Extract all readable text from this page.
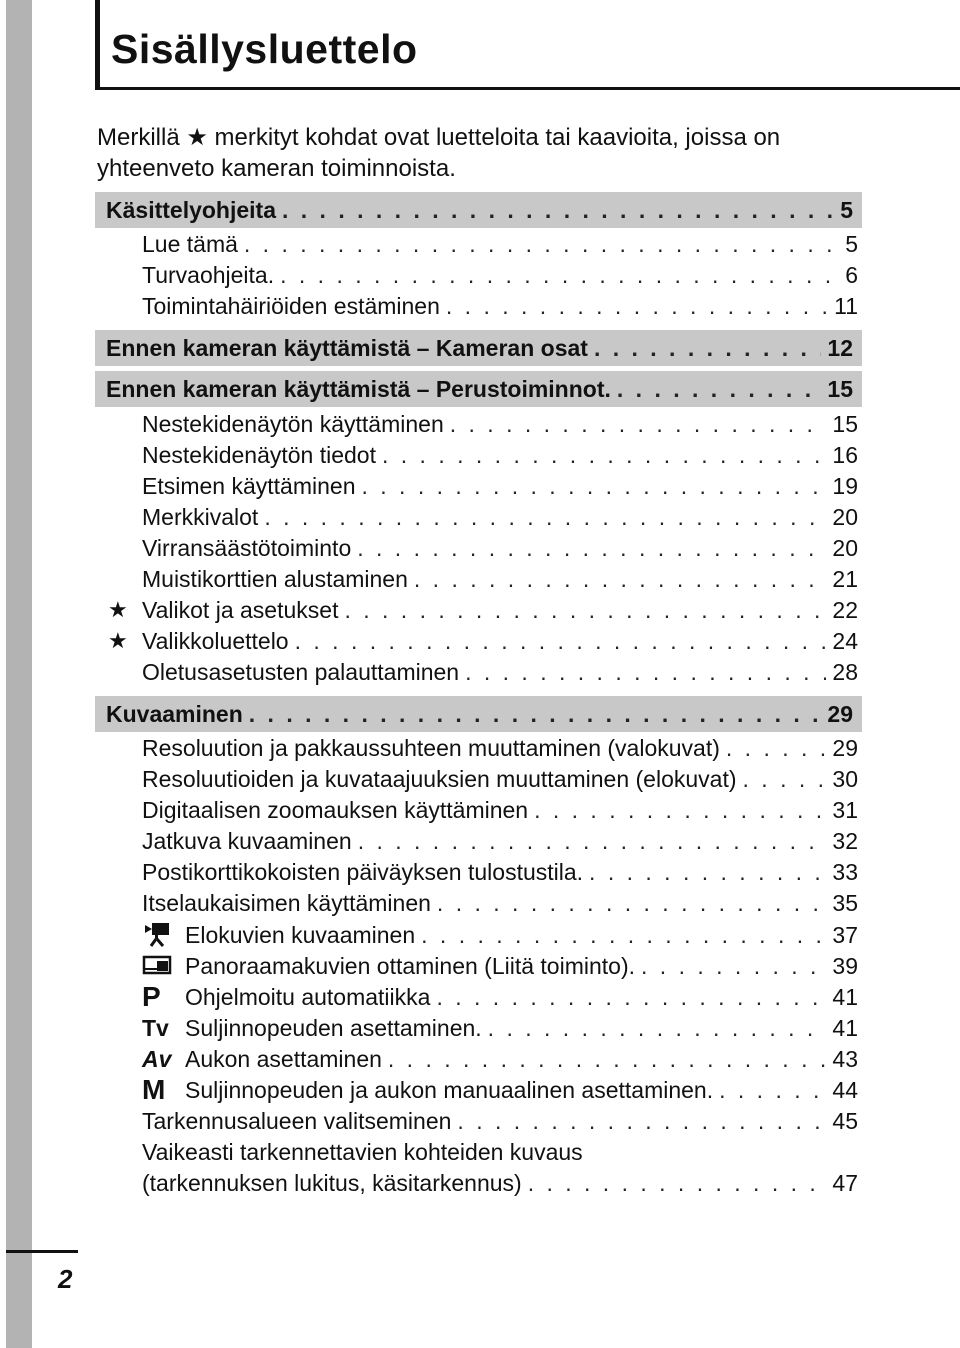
2
Sisällysluettelo
Merkillä ★ merkityt kohdat ovat luetteloita tai kaavioita, joissa on
yhteenveto kameran toiminnoista.
Käsittelyohjeita . . .	5
Lue tämä . . .	5
Turvaohjeita. . . .	6
Toimintahäiriöiden estäminen . . .	11
Ennen kameran käyttämistä – Kameran osat . . .	12
Ennen kameran käyttämistä – Perustoiminnot. . . .	15
Nestekidenäytön käyttäminen . . .	15
Nestekidenäytön tiedot . . .	16
Etsimen käyttäminen . . .	19
Merkkivalot . . .	20
Virransäästötoiminto . . .	20
Muistikorttien alustaminen . . .	21
★ Valikot ja asetukset . . .	22
★ Valikkoluettelo . . .	24
Oletusasetusten palauttaminen . . .	28
Kuvaaminen . . .	29
Resoluution ja pakkaussuhteen muuttaminen (valokuvat) . . .	29
Resoluutioiden ja kuvataajuuksien muuttaminen (elokuvat) . . .	30
Digitaalisen zoomauksen käyttäminen . . .	31
Jatkuva kuvaaminen . . .	32
Postikorttikokoisten päiväyksen tulostustila. . . .	33
Itselaukaisimen käyttäminen . . .	35
Elokuvien kuvaaminen . . .	37
Panoraamakuvien ottaminen (Liitä toiminto). . . .	39
P Ohjelmoitu automatiikka . . .	41
Tv Suljinnopeuden asettaminen. . . .	41
Av Aukon asettaminen . . .	43
M Suljinnopeuden ja aukon manuaalinen asettaminen. . . .	44
Tarkennusalueen valitseminen . . .	45
Vaikeasti tarkennettavien kohteiden kuvaus
(tarkennuksen lukitus, käsitarkennus) . . .	47
